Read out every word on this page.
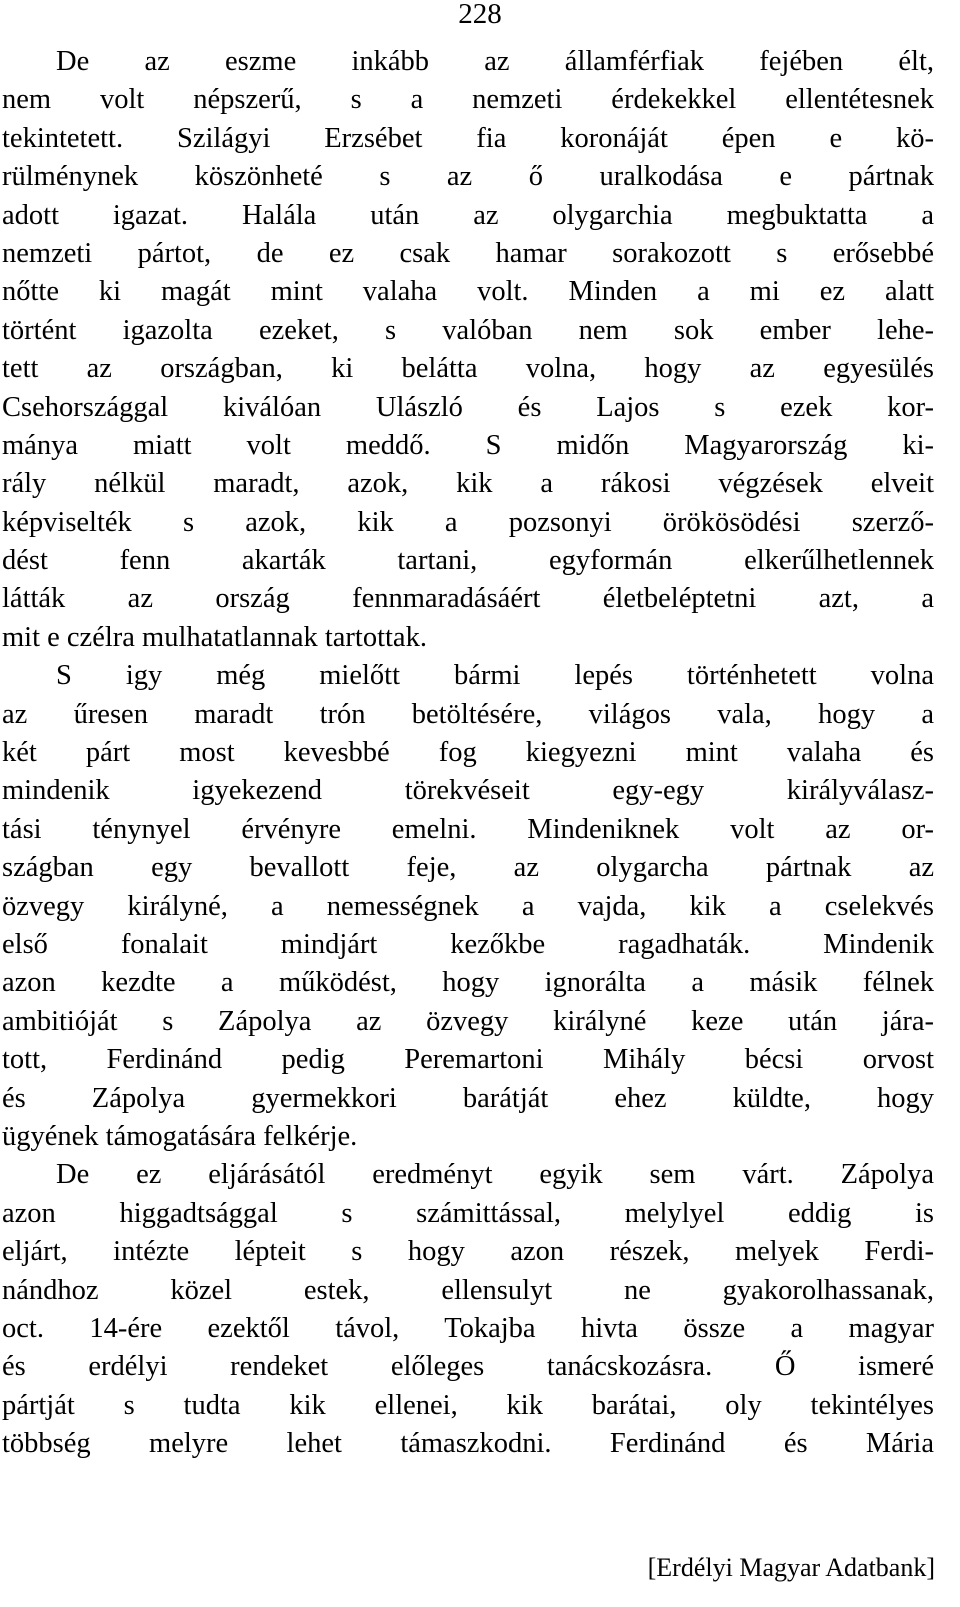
228
De az eszme inkább az államférfiak fejében élt,
nem volt népszerű, s a nemzeti érdekekkel ellentétesnek
tekintetett. Szilágyi Erzsébet fia koronáját épen e kö-
rülménynek köszönheté s az ő uralkodása e pártnak
adott igazat. Halála után az olygarchia megbuktatta a
nemzeti pártot, de ez csak hamar sorakozott s erősebbé
nőtte ki magát mint valaha volt. Minden a mi ez alatt
történt igazolta ezeket, s valóban nem sok ember lehe-
tett az országban, ki belátta volna, hogy az egyesülés
Csehországgal kiválóan Ulászló és Lajos s ezek kor-
mánya miatt volt meddő. S midőn Magyarország ki-
rály nélkül maradt, azok, kik a rákosi végzések elveit
képviselték s azok, kik a pozsonyi örökösödési szerző-
dést fenn akarták tartani, egyformán elkerűlhetlennek
látták az ország fennmaradásáért életbeléptetni azt, a
mit e czélra mulhatatlannak tartottak.
S igy még mielőtt bármi lepés történhetett volna
az űresen maradt trón betöltésére, világos vala, hogy a
két párt most kevesbbé fog kiegyezni mint valaha és
mindenik igyekezend törekvéseit egy-egy királyválasz-
tási ténynyel érvényre emelni. Mindeniknek volt az or-
szágban egy bevallott feje, az olygarcha pártnak az
özvegy királyné, a nemességnek a vajda, kik a cselekvés
első fonalait mindjárt kezőkbe ragadhaták. Mindenik
azon kezdte a működést, hogy ignorálta a másik félnek
ambitióját s Zápolya az özvegy királyné keze után jára-
tott, Ferdinánd pedig Peremartoni Mihály bécsi orvost
és Zápolya gyermekkori barátját ehez küldte, hogy
ügyének támogatására felkérje.
De ez eljárásától eredményt egyik sem várt. Zápolya
azon higgadtsággal s számittással, melylyel eddig is
eljárt, intézte lépteit s hogy azon részek, melyek Ferdi-
nándhoz közel estek, ellensulyt ne gyakorolhassanak,
oct. 14-ére ezektől távol, Tokajba hivta össze a magyar
és erdélyi rendeket előleges tanácskozásra. Ő ismeré
pártját s tudta kik ellenei, kik barátai, oly tekintélyes
többség melyre lehet támaszkodni. Ferdinánd és Mária
[Erdélyi Magyar Adatbank]
